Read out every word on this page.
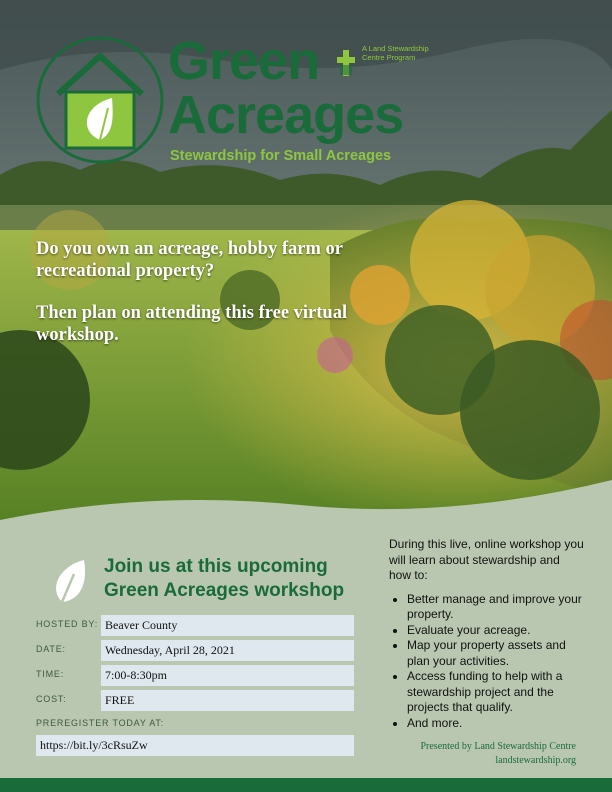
Green
Acreages
A Land Stewardship Centre Program
Stewardship for Small Acreages

Do you own an acreage, hobby farm or recreational property?

Then plan on attending this free virtual workshop.

Join us at this upcoming Green Acreages workshop
HOSTED BY: Beaver County
DATE:	Wednesday, April 28, 2021
TIME:	7:00-8:30pm
COST:	FREE
PREREGISTER TODAY AT:
https://bit.ly/3cRsuZw
During this live, online workshop you will learn about stewardship and how to:
• Better manage and improve your property.
• Evaluate your acreage.
• Map your property assets and plan your activities.
• Access funding to help with a stewardship project and the projects that qualify.
• And more.
Presented by Land Stewardship Centre
landstewardship.org
